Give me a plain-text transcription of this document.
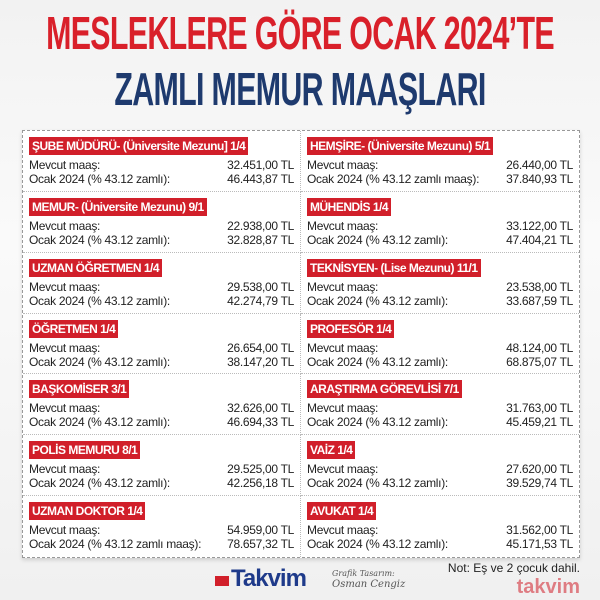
MESLEKLERE GÖRE OCAK 2024’TE
ZAMLI MEMUR MAAŞLARI
ŞUBE MÜDÜRÜ- (Üniversite Mezunu] 1/4
Mevcut maaş:	32.451,00 TL
Ocak 2024 (% 43.12 zamlı):	46.443,87 TL
HEMŞİRE- (Üniversite Mezunu) 5/1
Mevcut maaş:	26.440,00 TL
Ocak 2024 (% 43.12 zamlı maaş): 37.840,93 TL
MEMUR- (Üniversite Mezunu) 9/1
Mevcut maaş:	22.938,00 TL
Ocak 2024 (% 43.12 zamlı):	32.828,87 TL
MÜHENDİS 1/4
Mevcut maaş:	33.122,00 TL
Ocak 2024 (% 43.12 zamlı):	47.404,21 TL
UZMAN ÖĞRETMEN 1/4
Mevcut maaş:	29.538,00 TL
Ocak 2024 (% 43.12 zamlı):	42.274,79 TL
TEKNİSYEN- (Lise Mezunu) 11/1
Mevcut maaş:	23.538,00 TL
Ocak 2024 (% 43.12 zamlı):	33.687,59 TL
ÖĞRETMEN 1/4
Mevcut maaş:	26.654,00 TL
Ocak 2024 (% 43.12 zamlı):	38.147,20 TL
PROFESÖR 1/4
Mevcut maaş:	48.124,00 TL
Ocak 2024 (% 43.12 zamlı):	68.875,07 TL
BAŞKOMİSER 3/1
Mevcut maaş:	32.626,00 TL
Ocak 2024 (% 43.12 zamlı):	46.694,33 TL
ARAŞTIRMA GÖREVLİSİ 7/1
Mevcut maaş:	31.763,00 TL
Ocak 2024 (% 43.12 zamlı):	45.459,21 TL
POLİS MEMURU 8/1
Mevcut maaş:	29.525,00 TL
Ocak 2024 (% 43.12 zamlı):	42.256,18 TL
VAİZ 1/4
Mevcut maaş:	27.620,00 TL
Ocak 2024 (% 43.12 zamlı):	39.529,74 TL
UZMAN DOKTOR 1/4
Mevcut maaş:	54.959,00 TL
Ocak 2024 (% 43.12 zamlı maaş): 78.657,32 TL
AVUKAT 1/4
Mevcut maaş:	31.562,00 TL
Ocak 2024 (% 43.12 zamlı):	45.171,53 TL
Takvim	Grafik Tasarım:
Osman Cengiz
Not: Eş ve 2 çocuk dahil.
takvim
